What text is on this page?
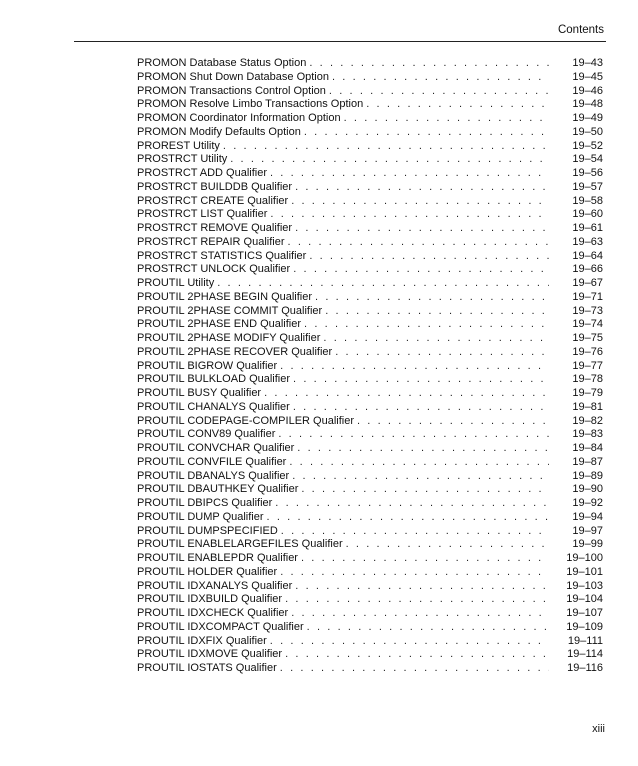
Contents
PROMON Database Status Option . . .	19–43
PROMON Shut Down Database Option . . .	19–45
PROMON Transactions Control Option . . .	19–46
PROMON Resolve Limbo Transactions Option . . .	19–48
PROMON Coordinator Information Option . . .	19–49
PROMON Modify Defaults Option . . .	19–50
PROREST Utility . . .	19–52
PROSTRCT Utility . . .	19–54
PROSTRCT ADD Qualifier . . .	19–56
PROSTRCT BUILDDB Qualifier . . .	19–57
PROSTRCT CREATE Qualifier . . .	19–58
PROSTRCT LIST Qualifier . . .	19–60
PROSTRCT REMOVE Qualifier . . .	19–61
PROSTRCT REPAIR Qualifier . . .	19–63
PROSTRCT STATISTICS Qualifier . . .	19–64
PROSTRCT UNLOCK Qualifier . . .	19–66
PROUTIL Utility . . .	19–67
PROUTIL 2PHASE BEGIN Qualifier . . .	19–71
PROUTIL 2PHASE COMMIT Qualifier . . .	19–73
PROUTIL 2PHASE END Qualifier . . .	19–74
PROUTIL 2PHASE MODIFY Qualifier . . .	19–75
PROUTIL 2PHASE RECOVER Qualifier . . .	19–76
PROUTIL BIGROW Qualifier . . .	19–77
PROUTIL BULKLOAD Qualifier . . .	19–78
PROUTIL BUSY Qualifier . . .	19–79
PROUTIL CHANALYS Qualifier . . .	19–81
PROUTIL CODEPAGE-COMPILER Qualifier . . .	19–82
PROUTIL CONV89 Qualifier . . .	19–83
PROUTIL CONVCHAR Qualifier . . .	19–84
PROUTIL CONVFILE Qualifier . . .	19–87
PROUTIL DBANALYS Qualifier . . .	19–89
PROUTIL DBAUTHKEY Qualifier . . .	19–90
PROUTIL DBIPCS Qualifier . . .	19–92
PROUTIL DUMP Qualifier . . .	19–94
PROUTIL DUMPSPECIFIED . . .	19–97
PROUTIL ENABLELARGEFILES Qualifier . . .	19–99
PROUTIL ENABLEPDR Qualifier . . .	19–100
PROUTIL HOLDER Qualifier . . .	19–101
PROUTIL IDXANALYS Qualifier . . .	19–103
PROUTIL IDXBUILD Qualifier . . .	19–104
PROUTIL IDXCHECK Qualifier . . .	19–107
PROUTIL IDXCOMPACT Qualifier . . .	19–109
PROUTIL IDXFIX Qualifier . . .	19–111
PROUTIL IDXMOVE Qualifier . . .	19–114
PROUTIL IOSTATS Qualifier . . .	19–116
xiii
